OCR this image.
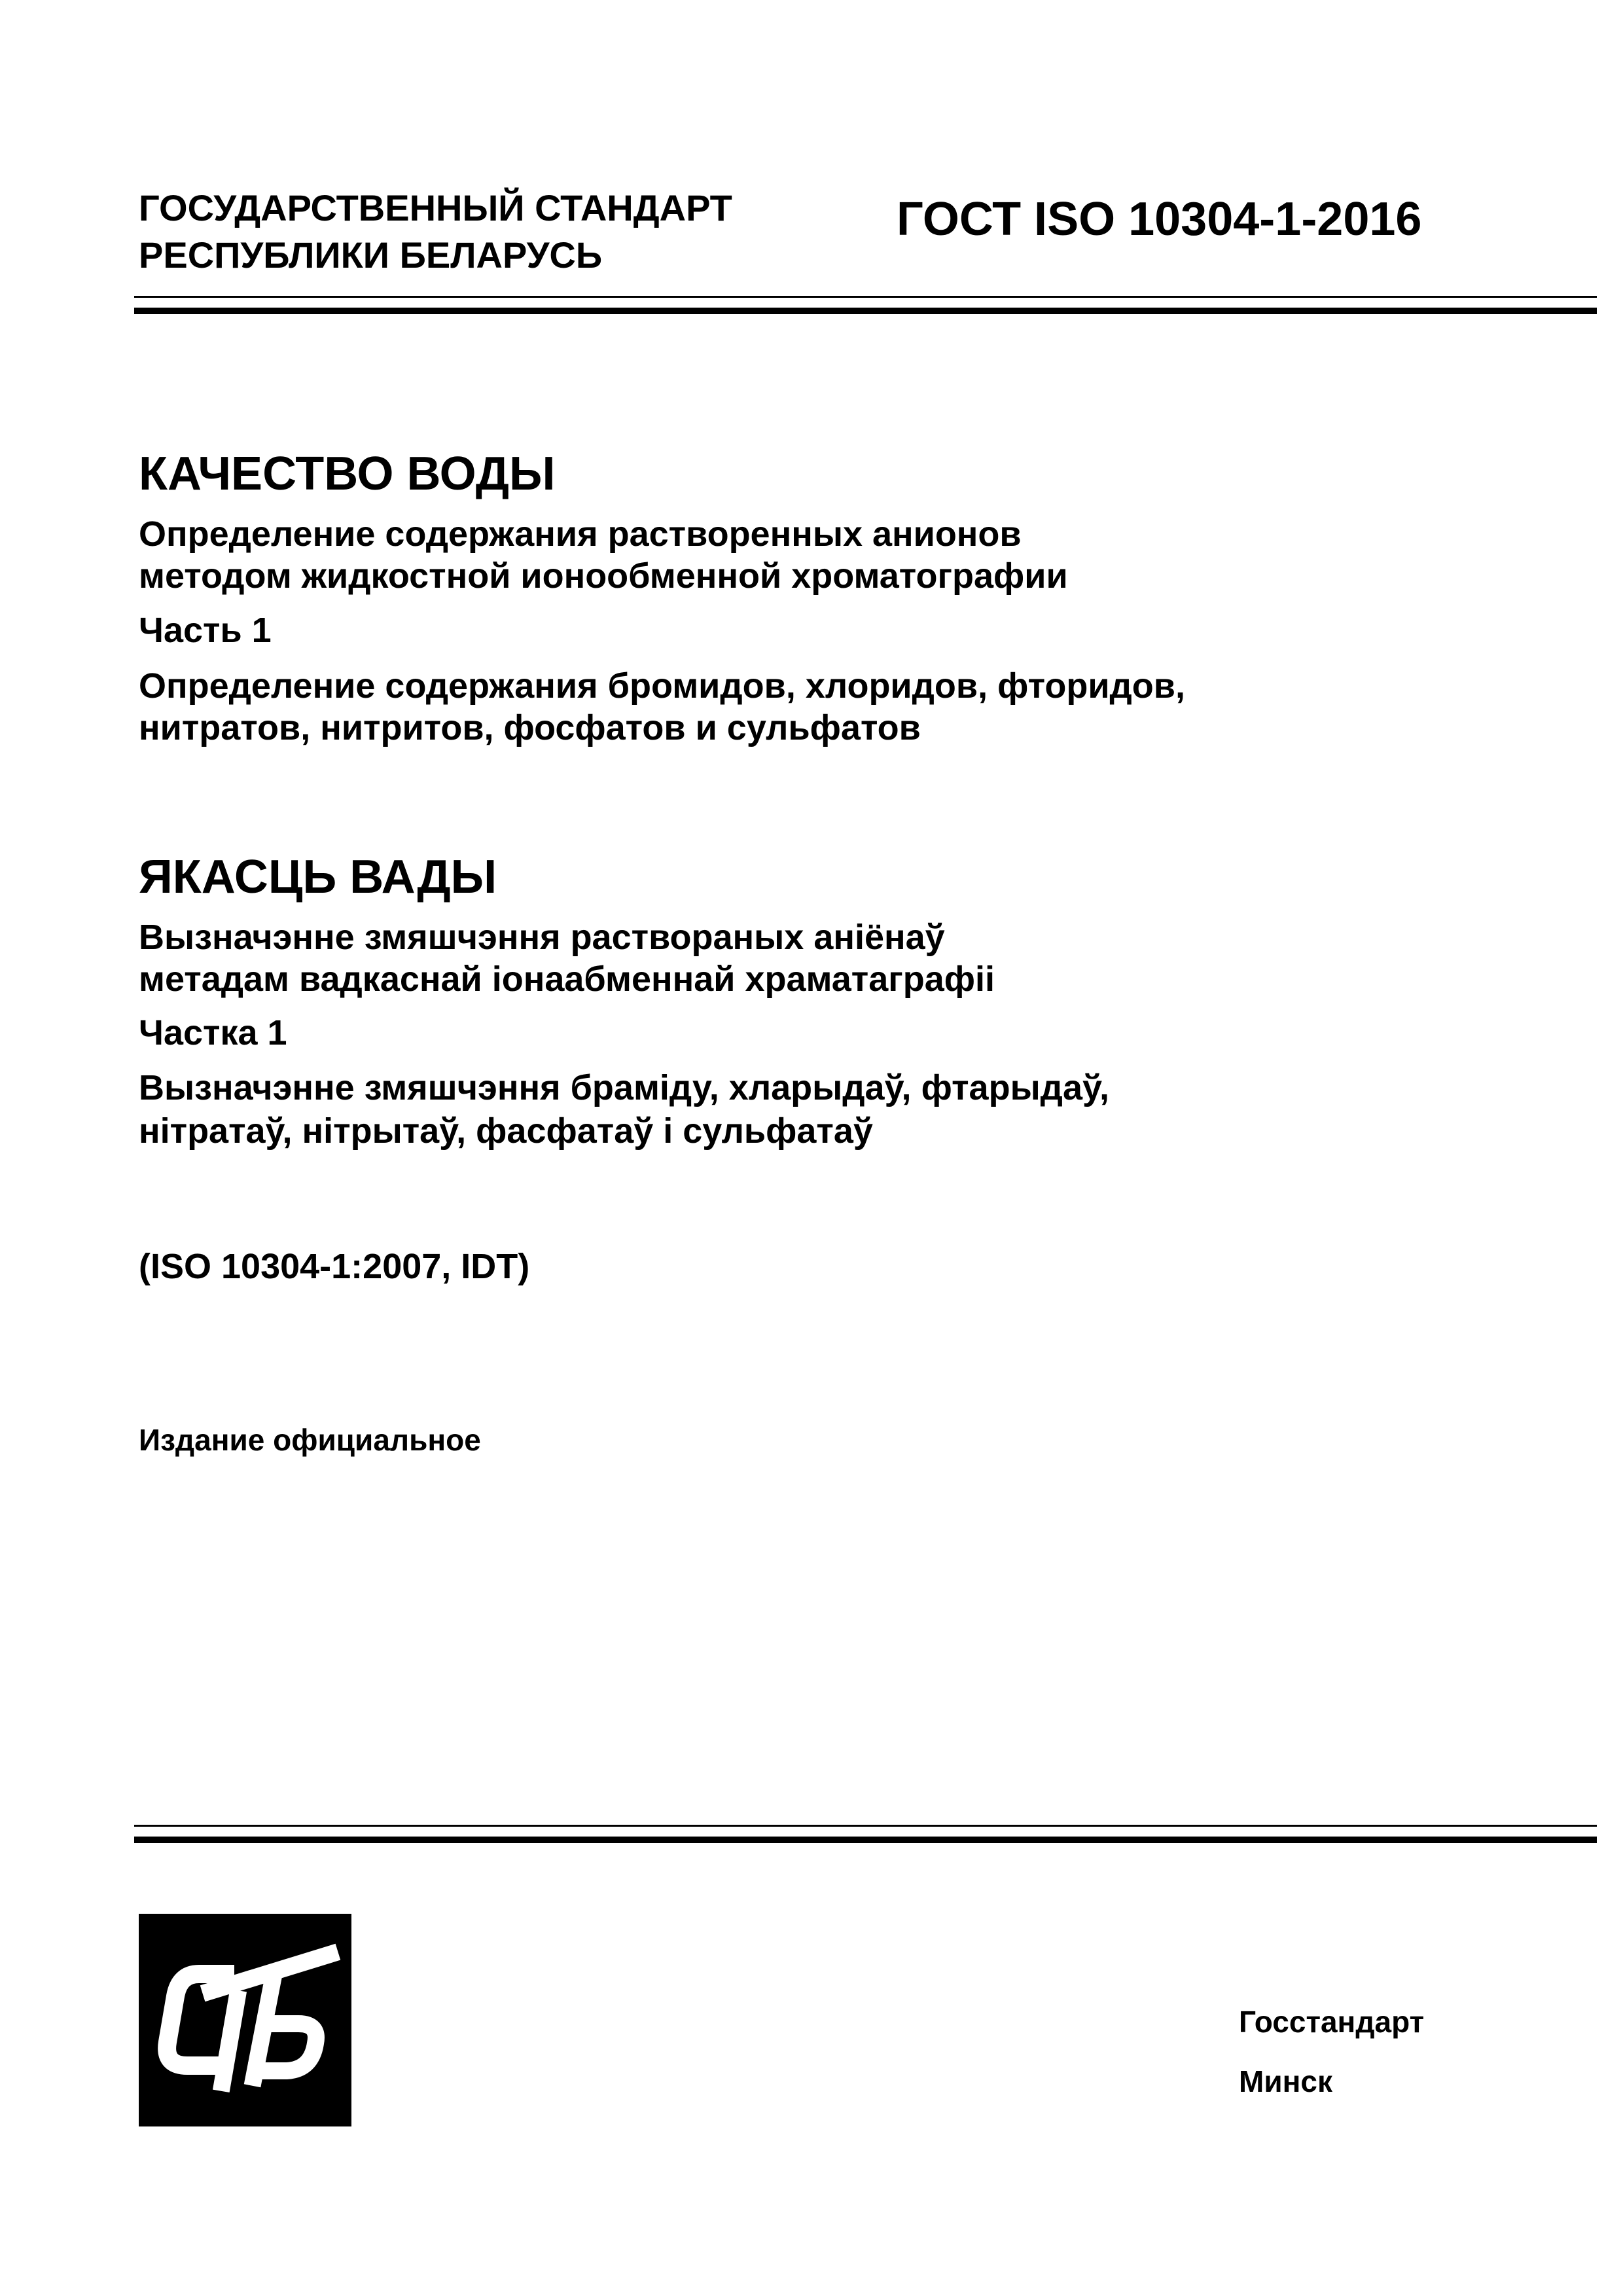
ГОСУДАРСТВЕННЫЙ СТАНДАРТ
РЕСПУБЛИКИ БЕЛАРУСЬ
ГОСТ ISO 10304-1-2016
КАЧЕСТВО ВОДЫ
Определение содержания растворенных анионов
методом жидкостной ионообменной хроматографии
Часть 1
Определение содержания бромидов, хлоридов, фторидов,
нитратов, нитритов, фосфатов и сульфатов
ЯКАСЦЬ ВАДЫ
Вызначэнне змяшчэння раствораных аніёнаў
метадам вадкаснай іонаабменнай храматаграфіі
Частка 1
Вызначэнне змяшчэння браміду, хларыдаў, фтарыдаў,
нітратаў, нітрытаў, фасфатаў і сульфатаў
(ISO 10304-1:2007, IDT)
Издание официальное
Госстандарт
Минск
